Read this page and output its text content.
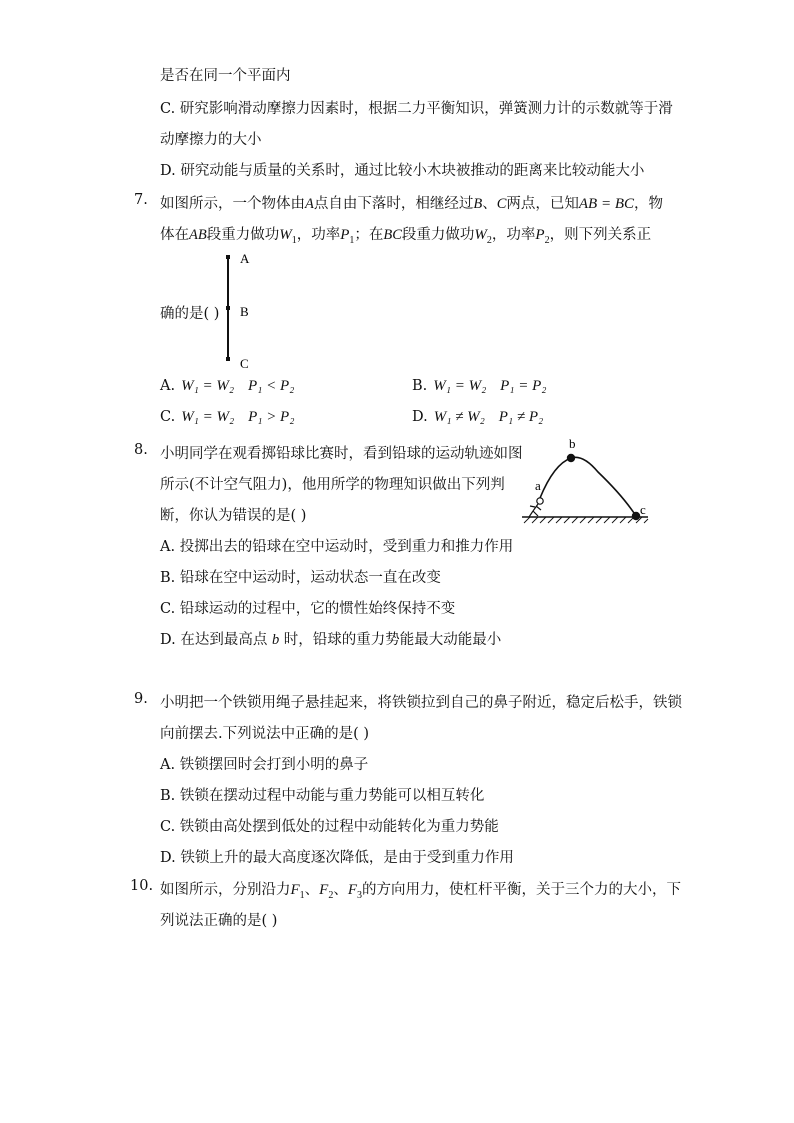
是否在同一个平面内
C. 研究影响滑动摩擦力因素时，根据二力平衡知识，弹簧测力计的示数就等于滑
动摩擦力的大小
D. 研究动能与质量的关系时，通过比较小木块被推动的距离来比较动能大小
7. 如图所示，一个物体由A点自由下落时，相继经过B、C两点，已知AB = BC，物
体在AB段重力做功$W_1$，功率$P_1$；在BC段重力做功$W_2$，功率$P_2$，则下列关系正
确的是( )
A
B
C
A. W₁ = W₂ P₁ < P₂	B. W₁ = W₂ P₁ = P₂
C. W₁ = W₂ P₁ > P₂	D. W₁ ≠ W₂ P₁ ≠ P₂
8. 小明同学在观看掷铅球比赛时，看到铅球的运动轨迹如图
所示(不计空气阻力)，他用所学的物理知识做出下列判
断，你认为错误的是( )
a
b
c
A. 投掷出去的铅球在空中运动时，受到重力和推力作用
B. 铅球在空中运动时，运动状态一直在改变
C. 铅球运动的过程中，它的惯性始终保持不变
D. 在达到最高点 b 时，铅球的重力势能最大动能最小
9. 小明把一个铁锁用绳子悬挂起来，将铁锁拉到自己的鼻子附近，稳定后松手，铁锁
向前摆去.下列说法中正确的是( )
A. 铁锁摆回时会打到小明的鼻子
B. 铁锁在摆动过程中动能与重力势能可以相互转化
C. 铁锁由高处摆到低处的过程中动能转化为重力势能
D. 铁锁上升的最大高度逐次降低，是由于受到重力作用
10. 如图所示，分别沿力$F_1$、$F_2$、$F_3$的方向用力，使杠杆平衡，关于三个力的大小，下
列说法正确的是( )
